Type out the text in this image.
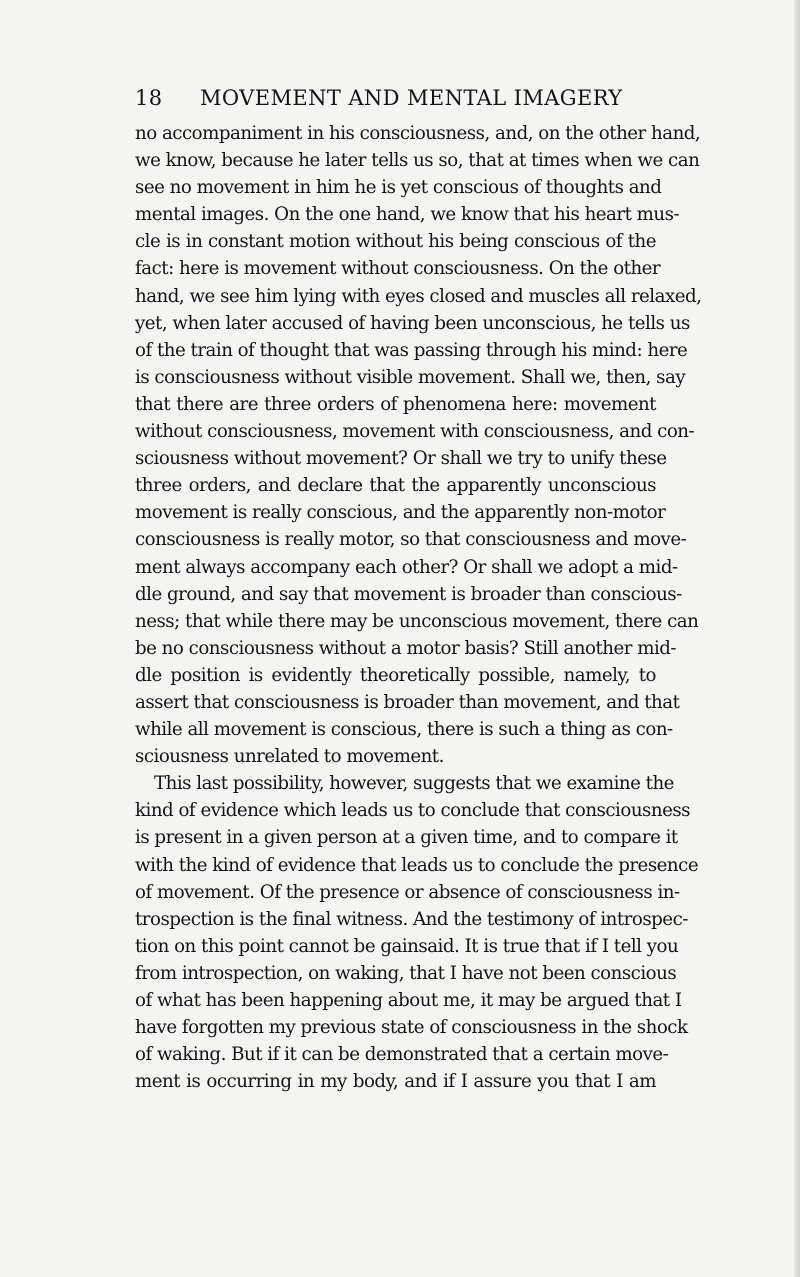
18 MOVEMENT AND MENTAL IMAGERY
no accompaniment in his consciousness, and, on the other hand,
we know, because he later tells us so, that at times when we can
see no movement in him he is yet conscious of thoughts and
mental images. On the one hand, we know that his heart mus-
cle is in constant motion without his being conscious of the
fact: here is movement without consciousness. On the other
hand, we see him lying with eyes closed and muscles all relaxed,
yet, when later accused of having been unconscious, he tells us
of the train of thought that was passing through his mind: here
is consciousness without visible movement. Shall we, then, say
that there are three orders of phenomena here: movement
without consciousness, movement with consciousness, and con-
sciousness without movement? Or shall we try to unify these
three orders, and declare that the apparently unconscious
movement is really conscious, and the apparently non-motor
consciousness is really motor, so that consciousness and move-
ment always accompany each other? Or shall we adopt a mid-
dle ground, and say that movement is broader than conscious-
ness; that while there may be unconscious movement, there can
be no consciousness without a motor basis? Still another mid-
dle position is evidently theoretically possible, namely, to
assert that consciousness is broader than movement, and that
while all movement is conscious, there is such a thing as con-
sciousness unrelated to movement.
This last possibility, however, suggests that we examine the
kind of evidence which leads us to conclude that consciousness
is present in a given person at a given time, and to compare it
with the kind of evidence that leads us to conclude the presence
of movement. Of the presence or absence of consciousness in-
trospection is the final witness. And the testimony of introspec-
tion on this point cannot be gainsaid. It is true that if I tell you
from introspection, on waking, that I have not been conscious
of what has been happening about me, it may be argued that I
have forgotten my previous state of consciousness in the shock
of waking. But if it can be demonstrated that a certain move-
ment is occurring in my body, and if I assure you that I am
